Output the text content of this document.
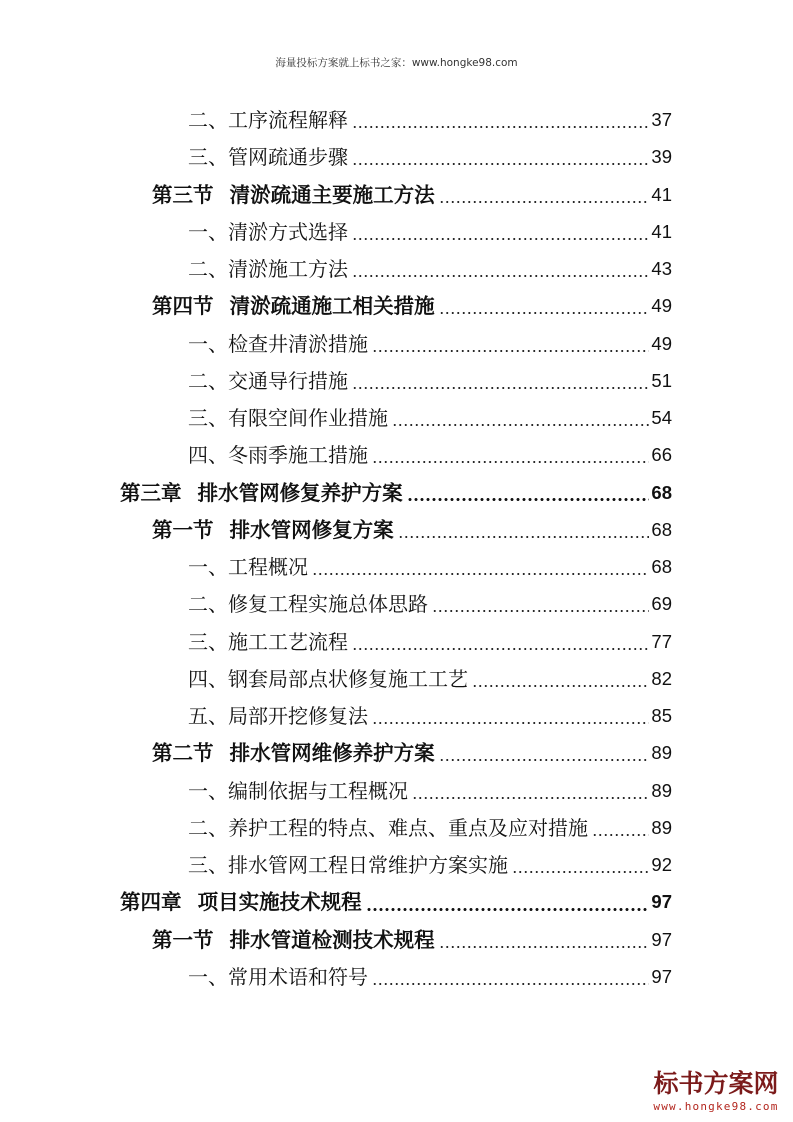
海量投标方案就上标书之家：www.hongke98.com
二、工序流程解释	37
三、管网疏通步骤	39
第三节 清淤疏通主要施工方法	41
一、清淤方式选择	41
二、清淤施工方法	43
第四节 清淤疏通施工相关措施	49
一、检查井清淤措施	49
二、交通导行措施	51
三、有限空间作业措施	54
四、冬雨季施工措施	66
第三章 排水管网修复养护方案	68
第一节 排水管网修复方案	68
一、工程概况	68
二、修复工程实施总体思路	69
三、施工工艺流程	77
四、钢套局部点状修复施工工艺	82
五、局部开挖修复法	85
第二节 排水管网维修养护方案	89
一、编制依据与工程概况	89
二、养护工程的特点、难点、重点及应对措施	89
三、排水管网工程日常维护方案实施	92
第四章 项目实施技术规程	97
第一节 排水管道检测技术规程	97
一、常用术语和符号	97
标书方案网
www.hongke98.com
